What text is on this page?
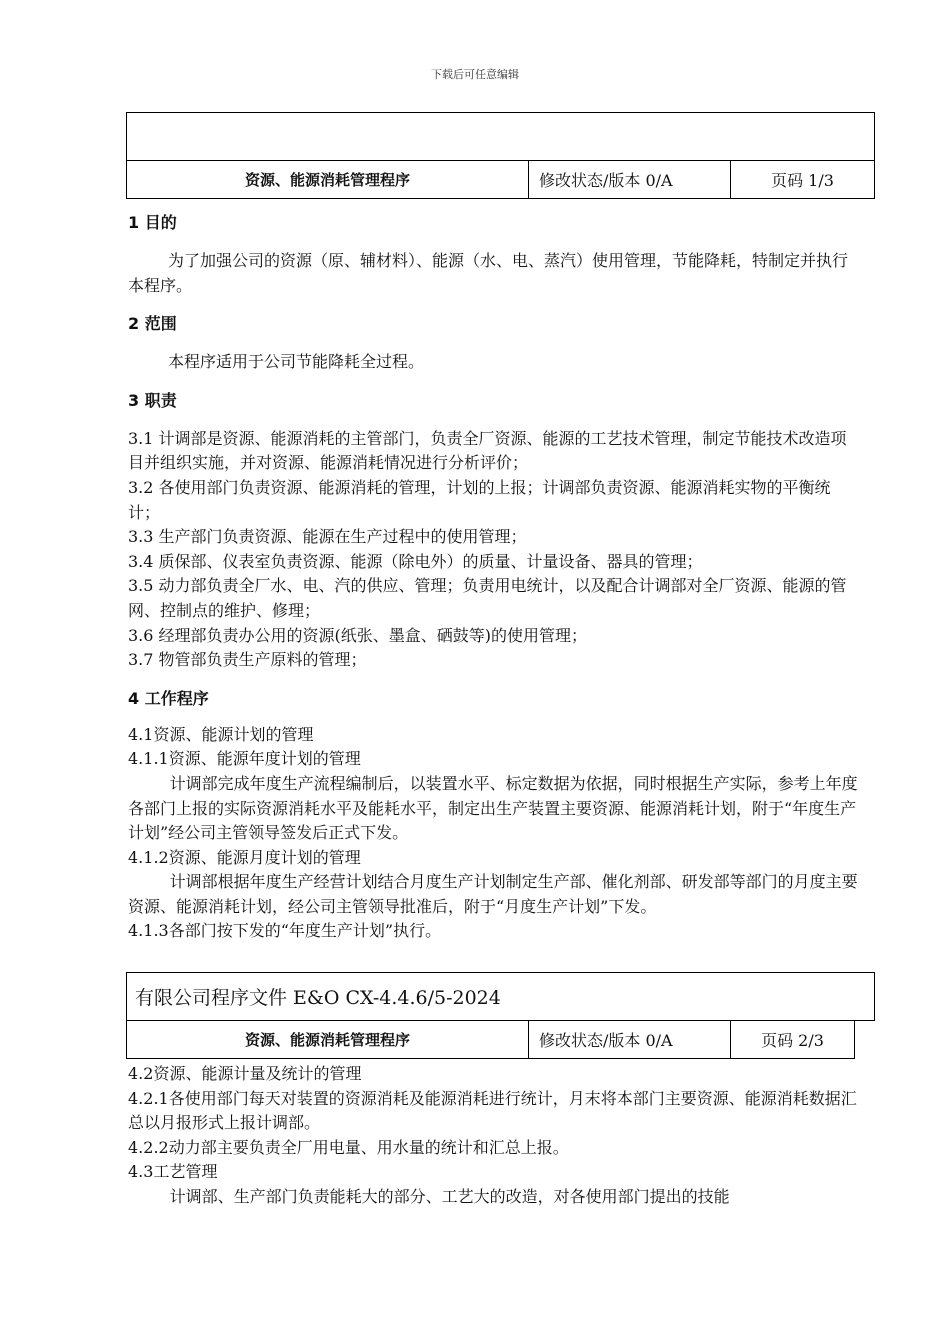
下载后可任意编辑

资源、能源消耗管理程序	修改状态/版本 0/A	页码 1/3

1 目的

为了加强公司的资源（原、辅材料）、能源（水、电、蒸汽）使用管理，节能降耗，特制定并执行本程序。

2 范围

本程序适用于公司节能降耗全过程。

3 职责

3.1 计调部是资源、能源消耗的主管部门，负责全厂资源、能源的工艺技术管理，制定节能技术改造项目并组织实施，并对资源、能源消耗情况进行分析评价；

3.2 各使用部门负责资源、能源消耗的管理，计划的上报；计调部负责资源、能源消耗实物的平衡统计；

3.3 生产部门负责资源、能源在生产过程中的使用管理；

3.4 质保部、仪表室负责资源、能源（除电外）的质量、计量设备、器具的管理；

3.5 动力部负责全厂水、电、汽的供应、管理；负责用电统计，以及配合计调部对全厂资源、能源的管网、控制点的维护、修理；

3.6 经理部负责办公用的资源(纸张、墨盒、硒鼓等)的使用管理；

3.7 物管部负责生产原料的管理；

4 工作程序

4.1资源、能源计划的管理

4.1.1资源、能源年度计划的管理

计调部完成年度生产流程编制后，以装置水平、标定数据为依据，同时根据生产实际，参考上年度各部门上报的实际资源消耗水平及能耗水平，制定出生产装置主要资源、能源消耗计划，附于“年度生产计划”经公司主管领导签发后正式下发。

4.1.2资源、能源月度计划的管理

计调部根据年度生产经营计划结合月度生产计划制定生产部、催化剂部、研发部等部门的月度主要资源、能源消耗计划，经公司主管领导批准后，附于“月度生产计划”下发。

4.1.3各部门按下发的“年度生产计划”执行。

有限公司程序文件 E&O CX-4.4.6/5-2024
资源、能源消耗管理程序	修改状态/版本 0/A	页码 2/3	

4.2资源、能源计量及统计的管理

4.2.1各使用部门每天对装置的资源消耗及能源消耗进行统计，月末将本部门主要资源、能源消耗数据汇总以月报形式上报计调部。

4.2.2动力部主要负责全厂用电量、用水量的统计和汇总上报。

4.3工艺管理

计调部、生产部门负责能耗大的部分、工艺大的改造，对各使用部门提出的技能
